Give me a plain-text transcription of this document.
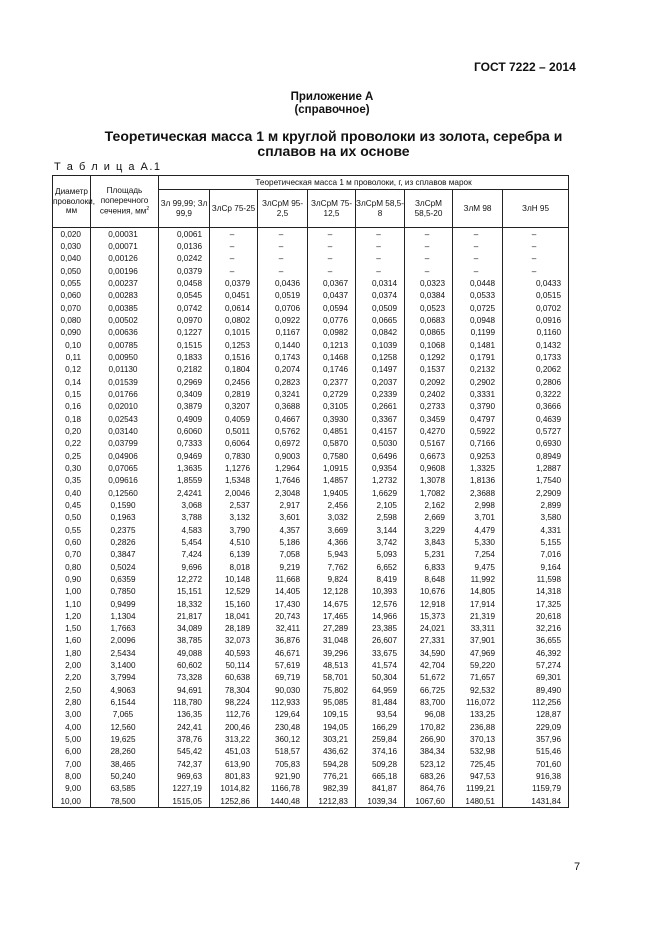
ГОСТ 7222 – 2014
Приложение А
(справочное)
Теоретическая масса 1 м круглой проволоки из золота, серебра и
сплавов на их основе
Т а б л и ц а А.1
Диаметр проволоки, мм	Площадь поперечного сечения, $мм^2$	Теоретическая масса 1 м проволоки, г, из сплавов марок							
		Зл 99,99; Зл 99,9	ЗлСр 75-25	ЗлСрМ 95-2,5	ЗлСрМ 75-12,5	ЗлСрМ 58,5-8	ЗлСрМ 58,5-20	ЗлМ 98	ЗлН 95
0,020	0,00031	0,0061	–	–	–	–	–	–	–
0,030	0,00071	0,0136	–	–	–	–	–	–	–
0,040	0,00126	0,0242	–	–	–	–	–	–	–
0,050	0,00196	0,0379	–	–	–	–	–	–	–
0,055	0,00237	0,0458	0,0379	0,0436	0,0367	0,0314	0,0323	0,0448	0,0433
0,060	0,00283	0,0545	0,0451	0,0519	0,0437	0,0374	0,0384	0,0533	0,0515
0,070	0,00385	0,0742	0,0614	0,0706	0,0594	0,0509	0,0523	0,0725	0,0702
0,080	0,00502	0,0970	0,0802	0,0922	0,0776	0,0665	0,0683	0,0948	0,0916
0,090	0,00636	0,1227	0,1015	0,1167	0,0982	0,0842	0,0865	0,1199	0,1160
0,10	0,00785	0,1515	0,1253	0,1440	0,1213	0,1039	0,1068	0,1481	0,1432
0,11	0,00950	0,1833	0,1516	0,1743	0,1468	0,1258	0,1292	0,1791	0,1733
0,12	0,01130	0,2182	0,1804	0,2074	0,1746	0,1497	0,1537	0,2132	0,2062
0,14	0,01539	0,2969	0,2456	0,2823	0,2377	0,2037	0,2092	0,2902	0,2806
0,15	0,01766	0,3409	0,2819	0,3241	0,2729	0,2339	0,2402	0,3331	0,3222
0,16	0,02010	0,3879	0,3207	0,3688	0,3105	0,2661	0,2733	0,3790	0,3666
0,18	0,02543	0,4909	0,4059	0,4667	0,3930	0,3367	0,3459	0,4797	0,4639
0,20	0,03140	0,6060	0,5011	0,5762	0,4851	0,4157	0,4270	0,5922	0,5727
0,22	0,03799	0,7333	0,6064	0,6972	0,5870	0,5030	0,5167	0,7166	0,6930
0,25	0,04906	0,9469	0,7830	0,9003	0,7580	0,6496	0,6673	0,9253	0,8949
0,30	0,07065	1,3635	1,1276	1,2964	1,0915	0,9354	0,9608	1,3325	1,2887
0,35	0,09616	1,8559	1,5348	1,7646	1,4857	1,2732	1,3078	1,8136	1,7540
0,40	0,12560	2,4241	2,0046	2,3048	1,9405	1,6629	1,7082	2,3688	2,2909
0,45	0,1590	3,068	2,537	2,917	2,456	2,105	2,162	2,998	2,899
0,50	0,1963	3,788	3,132	3,601	3,032	2,598	2,669	3,701	3,580
0,55	0,2375	4,583	3,790	4,357	3,669	3,144	3,229	4,479	4,331
0,60	0,2826	5,454	4,510	5,186	4,366	3,742	3,843	5,330	5,155
0,70	0,3847	7,424	6,139	7,058	5,943	5,093	5,231	7,254	7,016
0,80	0,5024	9,696	8,018	9,219	7,762	6,652	6,833	9,475	9,164
0,90	0,6359	12,272	10,148	11,668	9,824	8,419	8,648	11,992	11,598
1,00	0,7850	15,151	12,529	14,405	12,128	10,393	10,676	14,805	14,318
1,10	0,9499	18,332	15,160	17,430	14,675	12,576	12,918	17,914	17,325
1,20	1,1304	21,817	18,041	20,743	17,465	14,966	15,373	21,319	20,618
1,50	1,7663	34,089	28,189	32,411	27,289	23,385	24,021	33,311	32,216
1,60	2,0096	38,785	32,073	36,876	31,048	26,607	27,331	37,901	36,655
1,80	2,5434	49,088	40,593	46,671	39,296	33,675	34,590	47,969	46,392
2,00	3,1400	60,602	50,114	57,619	48,513	41,574	42,704	59,220	57,274
2,20	3,7994	73,328	60,638	69,719	58,701	50,304	51,672	71,657	69,301
2,50	4,9063	94,691	78,304	90,030	75,802	64,959	66,725	92,532	89,490
2,80	6,1544	118,780	98,224	112,933	95,085	81,484	83,700	116,072	112,256
3,00	7,065	136,35	112,76	129,64	109,15	93,54	96,08	133,25	128,87
4,00	12,560	242,41	200,46	230,48	194,05	166,29	170,82	236,88	229,09
5,00	19,625	378,76	313,22	360,12	303,21	259,84	266,90	370,13	357,96
6,00	28,260	545,42	451,03	518,57	436,62	374,16	384,34	532,98	515,46
7,00	38,465	742,37	613,90	705,83	594,28	509,28	523,12	725,45	701,60
8,00	50,240	969,63	801,83	921,90	776,21	665,18	683,26	947,53	916,38
9,00	63,585	1227,19	1014,82	1166,78	982,39	841,87	864,76	1199,21	1159,79
10,00	78,500	1515,05	1252,86	1440,48	1212,83	1039,34	1067,60	1480,51	1431,84
7
